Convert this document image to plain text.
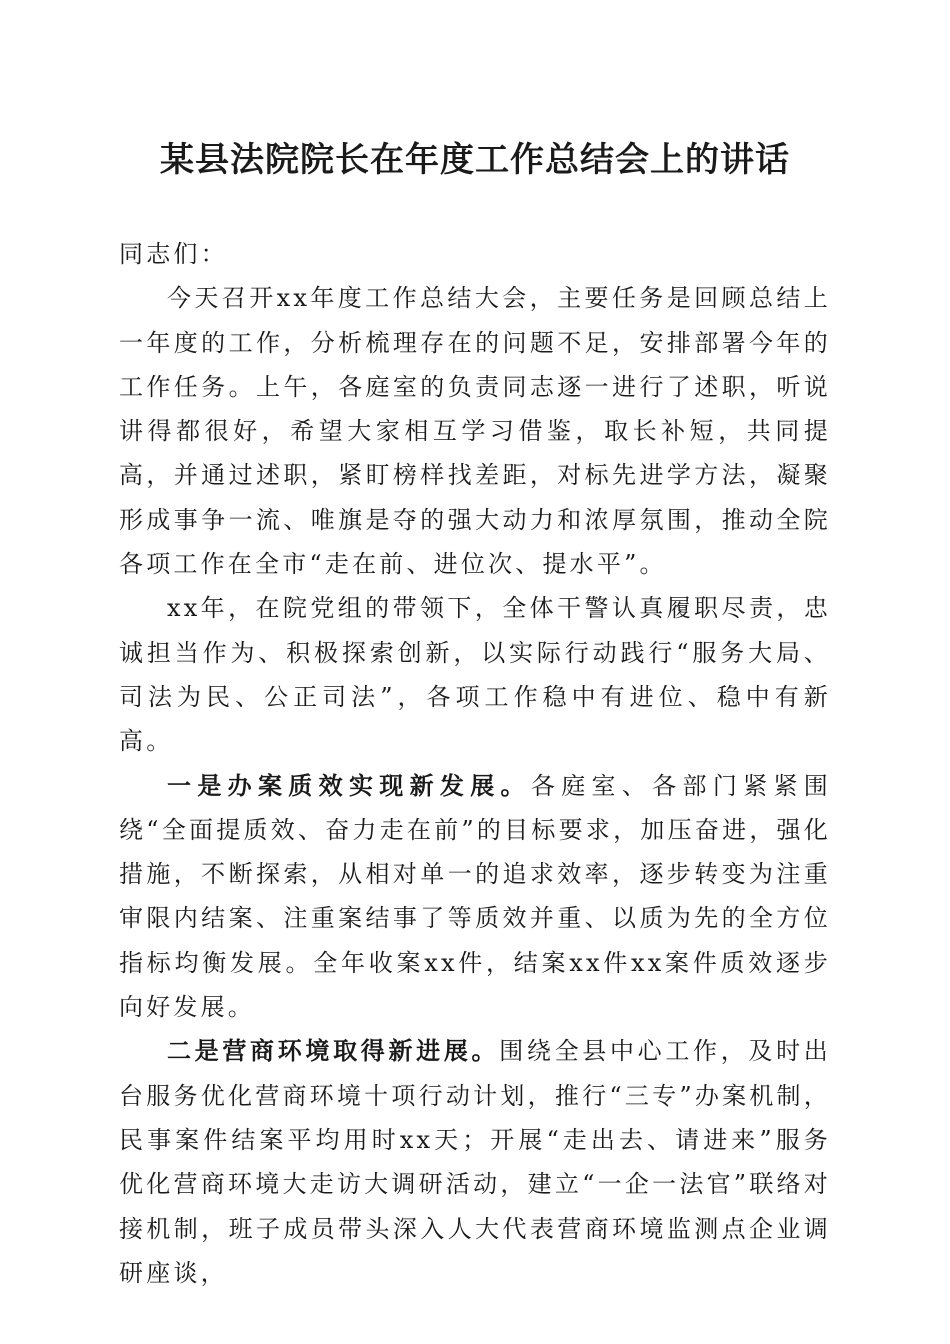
某县法院院长在年度工作总结会上的讲话

同志们：

今天召开xx年度工作总结大会，主要任务是回顾总结上一年度的工作，分析梳理存在的问题不足，安排部署今年的工作任务。上午，各庭室的负责同志逐一进行了述职，听说讲得都很好，希望大家相互学习借鉴，取长补短，共同提高，并通过述职，紧盯榜样找差距，对标先进学方法，凝聚形成事争一流、唯旗是夺的强大动力和浓厚氛围，推动全院各项工作在全市“走在前、进位次、提水平”。

xx年，在院党组的带领下，全体干警认真履职尽责，忠诚担当作为、积极探索创新，以实际行动践行“服务大局、司法为民、公正司法”，各项工作稳中有进位、稳中有新高。

一是办案质效实现新发展。各庭室、各部门紧紧围绕“全面提质效、奋力走在前”的目标要求，加压奋进，强化措施，不断探索，从相对单一的追求效率，逐步转变为注重审限内结案、注重案结事了等质效并重、以质为先的全方位指标均衡发展。全年收案xx件，结案xx件xx案件质效逐步向好发展。

二是营商环境取得新进展。围绕全县中心工作，及时出台服务优化营商环境十项行动计划，推行“三专”办案机制，民事案件结案平均用时xx天；开展“走出去、请进来”服务优化营商环境大走访大调研活动，建立“一企一法官”联络对接机制，班子成员带头深入人大代表营商环境监测点企业调研座谈，
